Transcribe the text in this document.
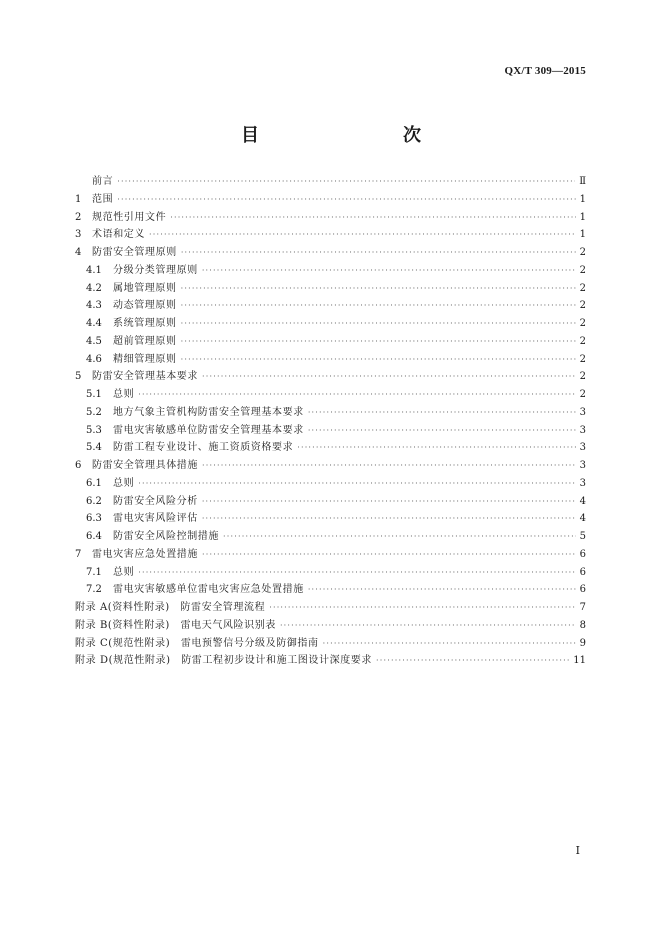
QX/T 309—2015
目　　次
前言 ·····	Ⅱ
1	范围 ·····	1
2	规范性引用文件 ·····	1
3	术语和定义 ·····	1
4	防雷安全管理原则 ·····	2
4.1	分级分类管理原则 ·····	2
4.2	属地管理原则 ·····	2
4.3	动态管理原则 ·····	2
4.4	系统管理原则 ·····	2
4.5	超前管理原则 ·····	2
4.6	精细管理原则 ·····	2
5	防雷安全管理基本要求 ·····	2
5.1	总则 ·····	2
5.2	地方气象主管机构防雷安全管理基本要求 ·····	3
5.3	雷电灾害敏感单位防雷安全管理基本要求 ·····	3
5.4	防雷工程专业设计、施工资质资格要求 ·····	3
6	防雷安全管理具体措施 ·····	3
6.1	总则 ·····	3
6.2	防雷安全风险分析 ·····	4
6.3	雷电灾害风险评估 ·····	4
6.4	防雷安全风险控制措施 ·····	5
7	雷电灾害应急处置措施 ·····	6
7.1	总则 ·····	6
7.2	雷电灾害敏感单位雷电灾害应急处置措施 ·····	6
附录 A(资料性附录)　防雷安全管理流程 ·····	7
附录 B(资料性附录)　雷电天气风险识别表 ·····	8
附录 C(规范性附录)　雷电预警信号分级及防御指南 ·····	9
附录 D(规范性附录)　防雷工程初步设计和施工图设计深度要求 ·····	11
I
